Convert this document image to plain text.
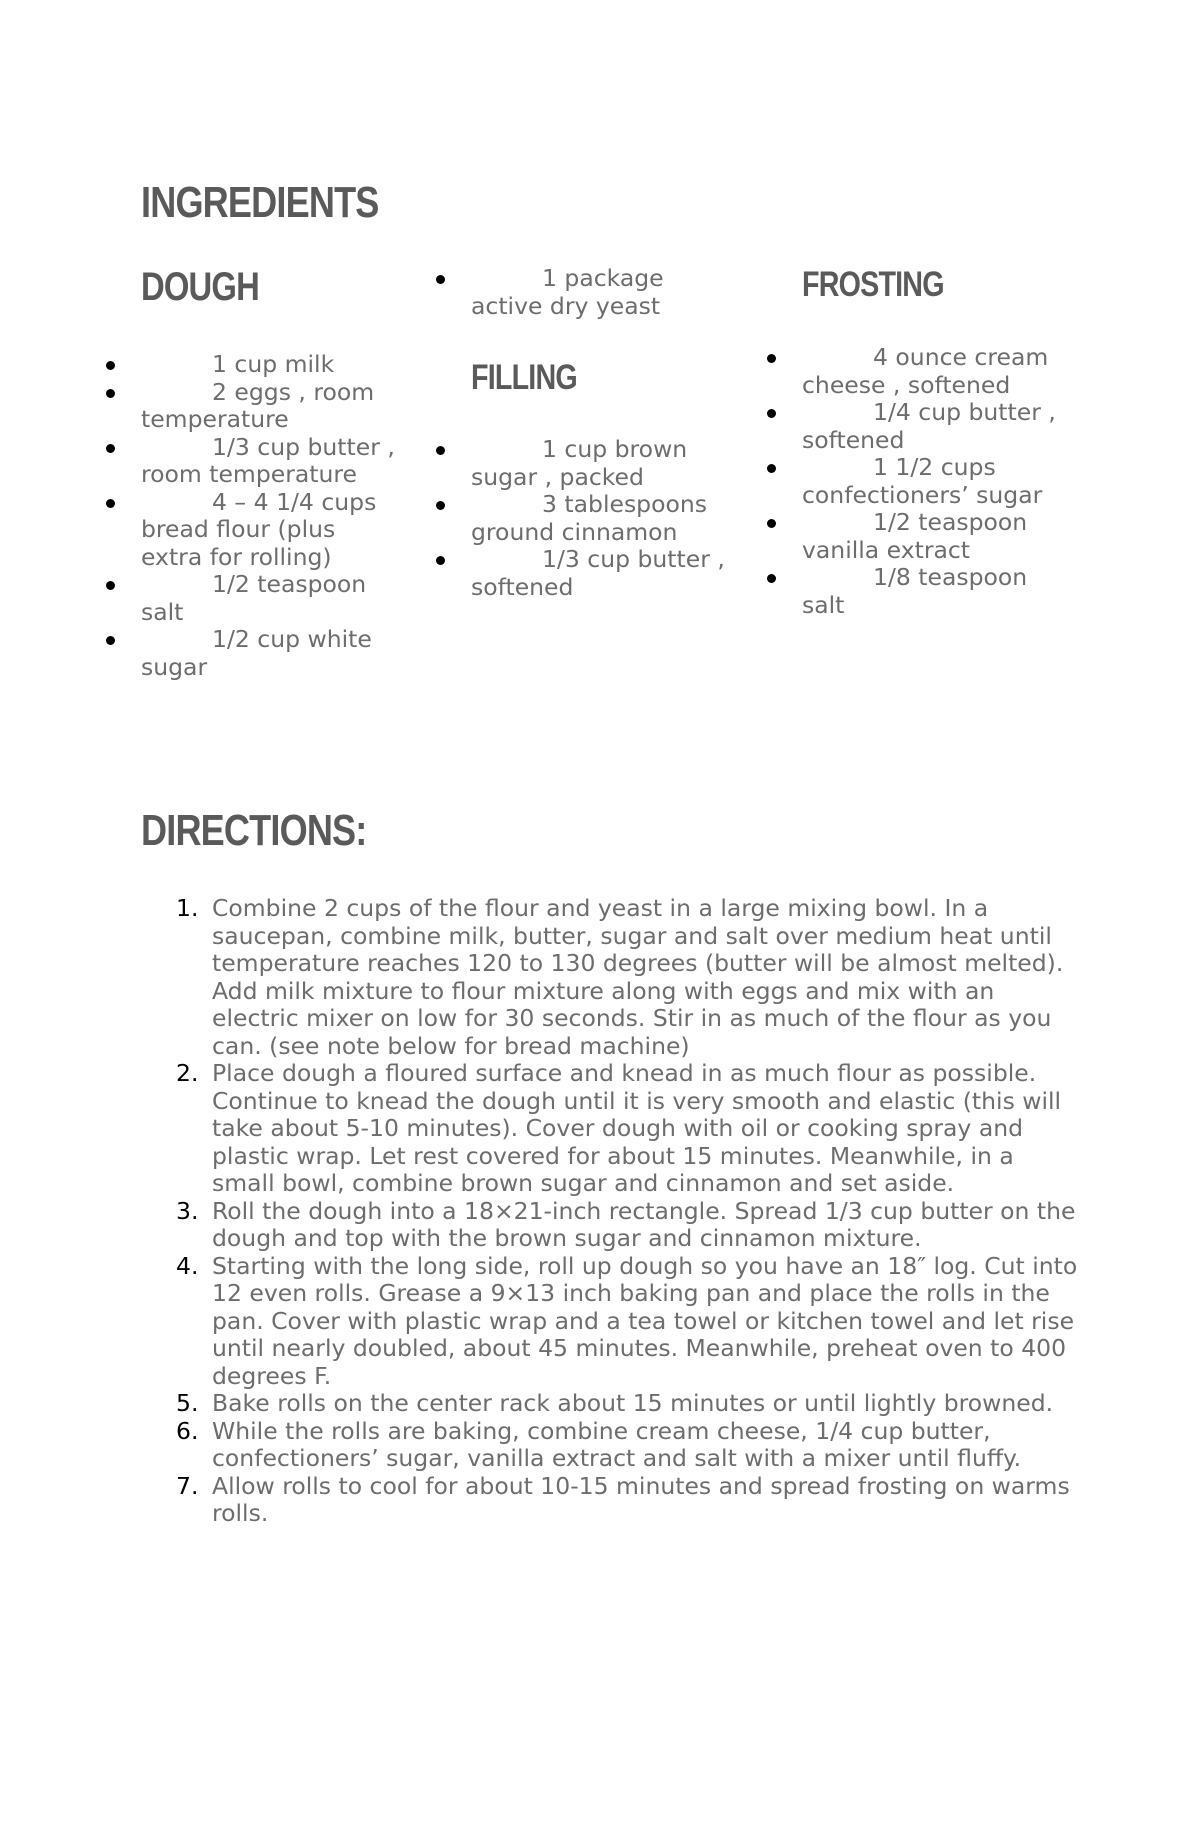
INGREDIENTS
DOUGH
1 cup milk
2 eggs , room temperature
1/3 cup butter , room temperature
4 – 4 1/4 cups bread flour (plus extra for rolling)
1/2 teaspoon salt
1/2 cup white sugar
1 package active dry yeast
FILLING
1 cup brown sugar , packed
3 tablespoons ground cinnamon
1/3 cup butter , softened
FROSTING
4 ounce cream cheese , softened
1/4 cup butter , softened
1 1/2 cups confectioners’ sugar
1/2 teaspoon vanilla extract
1/8 teaspoon salt
DIRECTIONS:
1. Combine 2 cups of the flour and yeast in a large mixing bowl. In a saucepan, combine milk, butter, sugar and salt over medium heat until temperature reaches 120 to 130 degrees (butter will be almost melted). Add milk mixture to flour mixture along with eggs and mix with an electric mixer on low for 30 seconds. Stir in as much of the flour as you can. (see note below for bread machine)
2. Place dough a floured surface and knead in as much flour as possible. Continue to knead the dough until it is very smooth and elastic (this will take about 5-10 minutes). Cover dough with oil or cooking spray and plastic wrap. Let rest covered for about 15 minutes. Meanwhile, in a small bowl, combine brown sugar and cinnamon and set aside.
3. Roll the dough into a 18×21-inch rectangle. Spread 1/3 cup butter on the dough and top with the brown sugar and cinnamon mixture.
4. Starting with the long side, roll up dough so you have an 18″ log. Cut into 12 even rolls. Grease a 9×13 inch baking pan and place the rolls in the pan. Cover with plastic wrap and a tea towel or kitchen towel and let rise until nearly doubled, about 45 minutes. Meanwhile, preheat oven to 400 degrees F.
5. Bake rolls on the center rack about 15 minutes or until lightly browned.
6. While the rolls are baking, combine cream cheese, 1/4 cup butter, confectioners’ sugar, vanilla extract and salt with a mixer until fluffy.
7. Allow rolls to cool for about 10-15 minutes and spread frosting on warms rolls.
